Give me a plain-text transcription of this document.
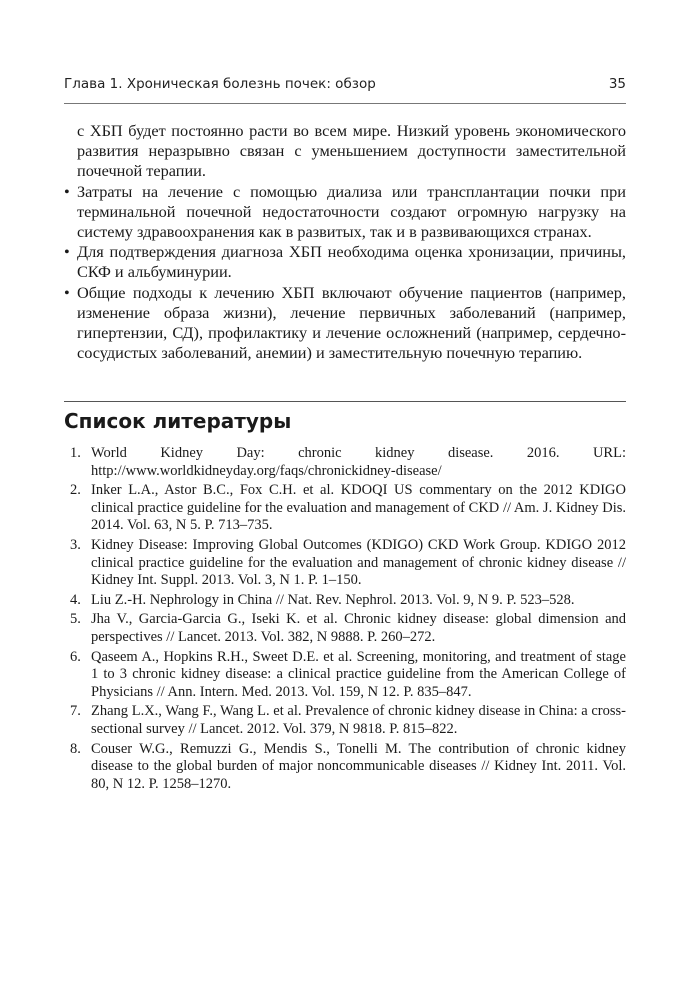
Глава 1. Хроническая болезнь почек: обзор	35

с ХБП будет постоянно расти во всем мире. Низкий уровень экономического развития неразрывно связан с уменьшением доступности заместительной почечной терапии.

• Затраты на лечение с помощью диализа или трансплантации почки при терминальной почечной недостаточности создают огромную нагрузку на систему здравоохранения как в развитых, так и в развивающихся странах.
• Для подтверждения диагноза ХБП необходима оценка хронизации, причины, СКФ и альбуминурии.
• Общие подходы к лечению ХБП включают обучение пациентов (например, изменение образа жизни), лечение первичных заболеваний (например, гипертензии, СД), профилактику и лечение осложнений (например, сердечно-сосудистых заболеваний, анемии) и заместительную почечную терапию.
Список литературы
1. World Kidney Day: chronic kidney disease. 2016. URL: http://www.worldkidneyday.org/faqs/chronickidney-disease/
2. Inker L.A., Astor B.C., Fox C.H. et al. KDOQI US commentary on the 2012 KDIGO clinical practice guideline for the evaluation and management of CKD // Am. J. Kidney Dis. 2014. Vol. 63, N 5. P. 713–735.
3. Kidney Disease: Improving Global Outcomes (KDIGO) CKD Work Group. KDIGO 2012 clinical practice guideline for the evaluation and management of chronic kidney disease // Kidney Int. Suppl. 2013. Vol. 3, N 1. P. 1–150.
4. Liu Z.-H. Nephrology in China // Nat. Rev. Nephrol. 2013. Vol. 9, N 9. P. 523–528.
5. Jha V., Garcia-Garcia G., Iseki K. et al. Chronic kidney disease: global dimension and perspectives // Lancet. 2013. Vol. 382, N 9888. P. 260–272.
6. Qaseem A., Hopkins R.H., Sweet D.E. et al. Screening, monitoring, and treatment of stage 1 to 3 chronic kidney disease: a clinical practice guideline from the American College of Physicians // Ann. Intern. Med. 2013. Vol. 159, N 12. P. 835–847.
7. Zhang L.X., Wang F., Wang L. et al. Prevalence of chronic kidney disease in China: a cross-sectional survey // Lancet. 2012. Vol. 379, N 9818. P. 815–822.
8. Couser W.G., Remuzzi G., Mendis S., Tonelli M. The contribution of chronic kidney disease to the global burden of major noncommunicable diseases // Kidney Int. 2011. Vol. 80, N 12. P. 1258–1270.
